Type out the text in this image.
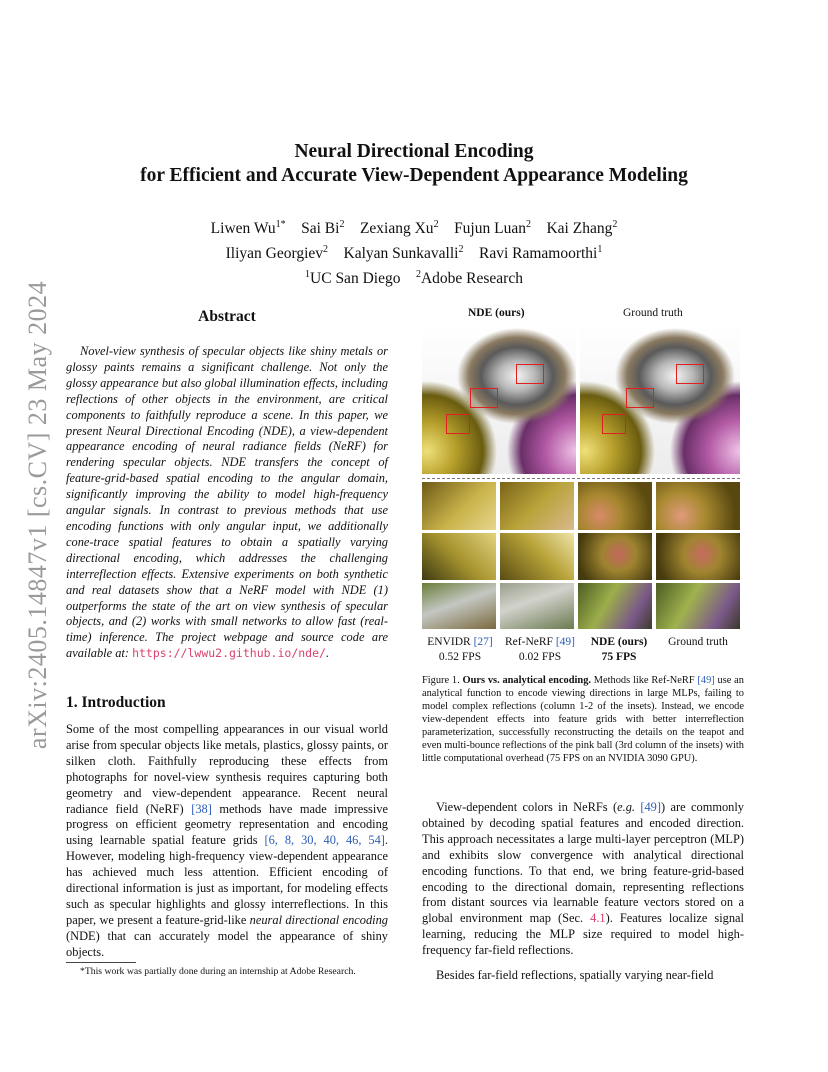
arXiv:2405.14847v1 [cs.CV] 23 May 2024
Neural Directional Encoding
for Efficient and Accurate View-Dependent Appearance Modeling
Liwen $Wu^{1*}$ Sai Bi$^2$ Zexiang Xu$^2$ Fujun Luan$^2$ Kai Zhang$^2$
Iliyan Georgiev$^2$ Kalyan Sunkavalli$^2$ Ravi Ramamoorthi$^1$
$^1$UC San Diego $^2$Adobe Research
Abstract

Novel-view synthesis of specular objects like shiny metals or glossy paints remains a significant challenge. Not only the glossy appearance but also global illumination effects, including reflections of other objects in the environment, are critical components to faithfully reproduce a scene. In this paper, we present Neural Directional Encoding (NDE), a view-dependent appearance encoding of neural radiance fields (NeRF) for rendering specular objects. NDE transfers the concept of feature-grid-based spatial encoding to the angular domain, significantly improving the ability to model high-frequency angular signals. In contrast to previous methods that use encoding functions with only angular input, we additionally cone-trace spatial features to obtain a spatially varying directional encoding, which addresses the challenging interreflection effects. Extensive experiments on both synthetic and real datasets show that a NeRF model with NDE (1) outperforms the state of the art on view synthesis of specular objects, and (2) works with small networks to allow fast (real-time) inference. The project webpage and source code are available at: https://lwwu2.github.io/nde/.

1. Introduction

Some of the most compelling appearances in our visual world arise from specular objects like metals, plastics, glossy paints, or silken cloth. Faithfully reproducing these effects from photographs for novel-view synthesis requires capturing both geometry and view-dependent appearance. Recent neural radiance field (NeRF) [38] methods have made impressive progress on efficient geometry representation and encoding using learnable spatial feature grids [6, 8, 30, 40, 46, 54]. However, modeling high-frequency view-dependent appearance has achieved much less attention. Efficient encoding of directional information is just as important, for modeling effects such as specular highlights and glossy interreflections. In this paper, we present a feature-grid-like neural directional encoding (NDE) that can accurately model the appearance of shiny objects.

*This work was partially done during an internship at Adobe Research.

NDE (ours)	Ground truth
ENVIDR [27]
0.52 FPS
Ref-NeRF [49]
0.02 FPS
NDE (ours)
75 FPS
Ground truth

Figure 1. Ours vs. analytical encoding. Methods like Ref-NeRF [49] use an analytical function to encode viewing directions in large MLPs, failing to model complex reflections (column 1-2 of the insets). Instead, we encode view-dependent effects into feature grids with better interreflection parameterization, successfully reconstructing the details on the teapot and even multi-bounce reflections of the pink ball (3rd column of the insets) with little computational overhead (75 FPS on an NVIDIA 3090 GPU).

View-dependent colors in NeRFs (e.g. [49]) are commonly obtained by decoding spatial features and encoded direction. This approach necessitates a large multi-layer perceptron (MLP) and exhibits slow convergence with analytical directional encoding functions. To that end, we bring feature-grid-based encoding to the directional domain, representing reflections from distant sources via learnable feature vectors stored on a global environment map (Sec. 4.1). Features localize signal learning, reducing the MLP size required to model high-frequency far-field reflections.

Besides far-field reflections, spatially varying near-field
